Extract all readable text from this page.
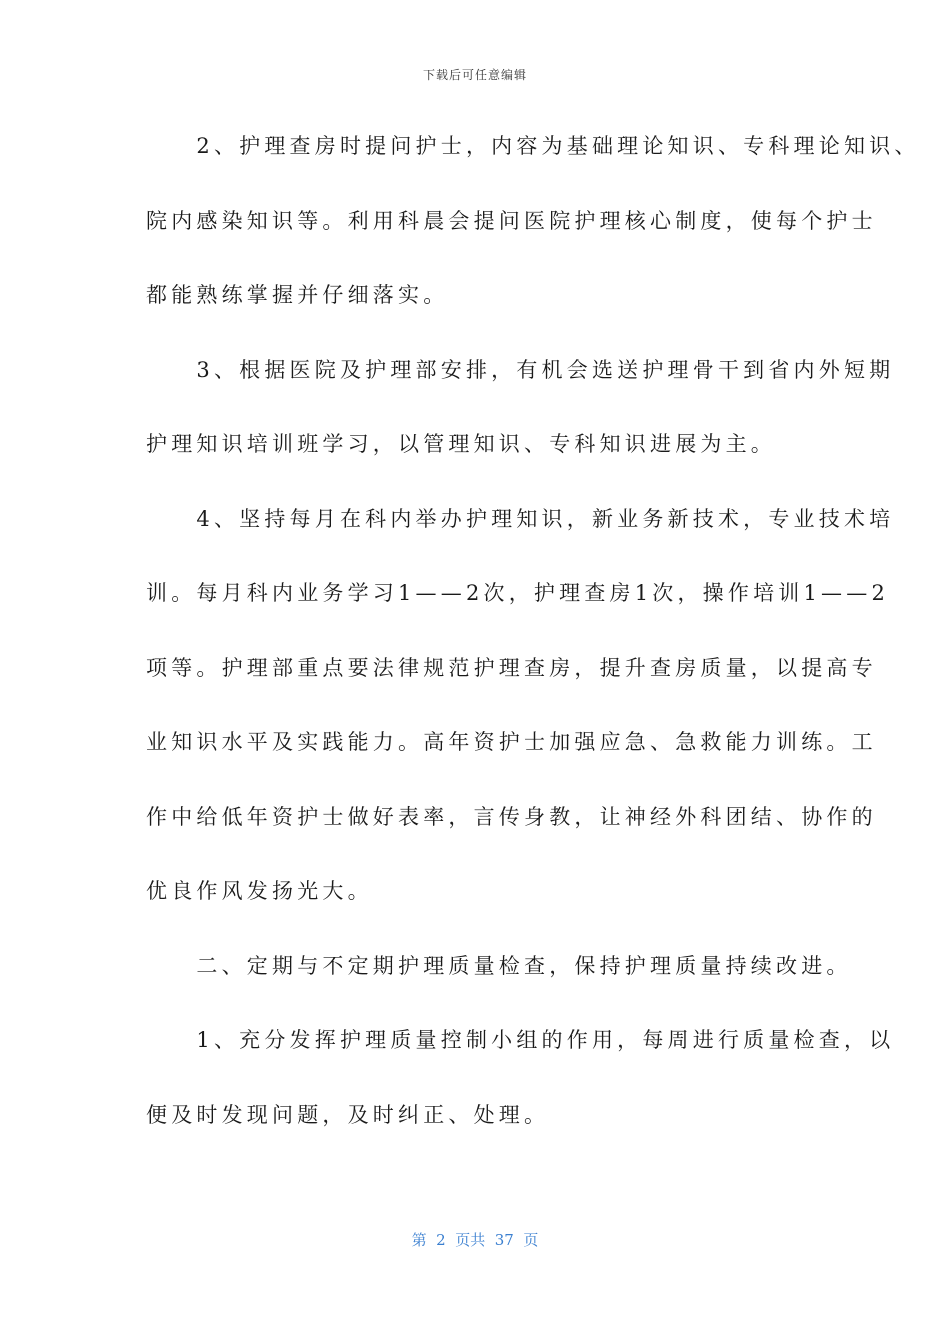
下载后可任意编辑
　　2、护理查房时提问护士，内容为基础理论知识、专科理论知识、
院内感染知识等。利用科晨会提问医院护理核心制度，使每个护士
都能熟练掌握并仔细落实。
　　3、根据医院及护理部安排，有机会选送护理骨干到省内外短期
护理知识培训班学习，以管理知识、专科知识进展为主。
　　4、坚持每月在科内举办护理知识，新业务新技术，专业技术培
训。每月科内业务学习1——2次，护理查房1次，操作培训1——2
项等。护理部重点要法律规范护理查房，提升查房质量，以提高专
业知识水平及实践能力。高年资护士加强应急、急救能力训练。工
作中给低年资护士做好表率，言传身教，让神经外科团结、协作的
优良作风发扬光大。
　　二、定期与不定期护理质量检查，保持护理质量持续改进。
　　1、充分发挥护理质量控制小组的作用，每周进行质量检查，以
便及时发现问题，及时纠正、处理。
第  2  页共  37  页
